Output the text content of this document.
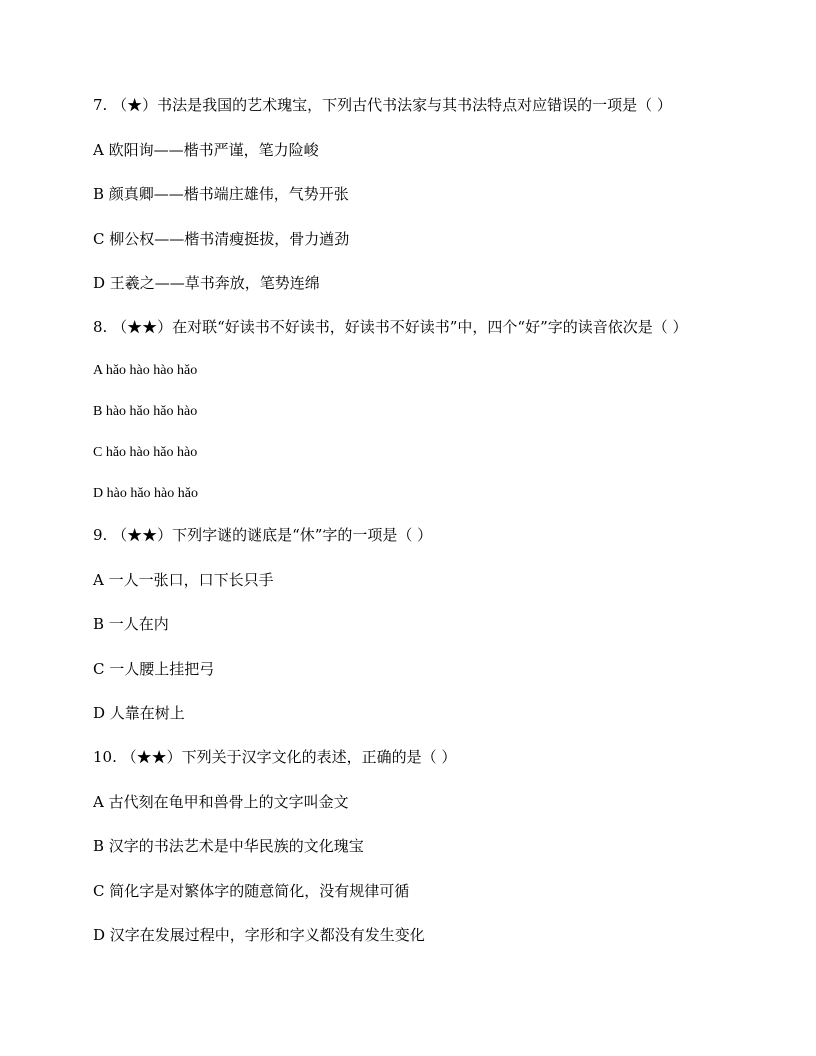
7. （★）书法是我国的艺术瑰宝，下列古代书法家与其书法特点对应错误的一项是（ ）
A 欧阳询——楷书严谨，笔力险峻
B 颜真卿——楷书端庄雄伟，气势开张
C 柳公权——楷书清瘦挺拔，骨力遒劲
D 王羲之——草书奔放，笔势连绵
8. （★★）在对联“好读书不好读书，好读书不好读书”中，四个“好”字的读音依次是（ ）
A hǎo hào hào hǎo
B hào hǎo hǎo hào
C hǎo hào hǎo hào
D hào hǎo hào hǎo
9. （★★）下列字谜的谜底是“休”字的一项是（ ）
A 一人一张口，口下长只手
B 一人在内
C 一人腰上挂把弓
D 人靠在树上
10. （★★）下列关于汉字文化的表述，正确的是（ ）
A 古代刻在龟甲和兽骨上的文字叫金文
B 汉字的书法艺术是中华民族的文化瑰宝
C 简化字是对繁体字的随意简化，没有规律可循
D 汉字在发展过程中，字形和字义都没有发生变化
